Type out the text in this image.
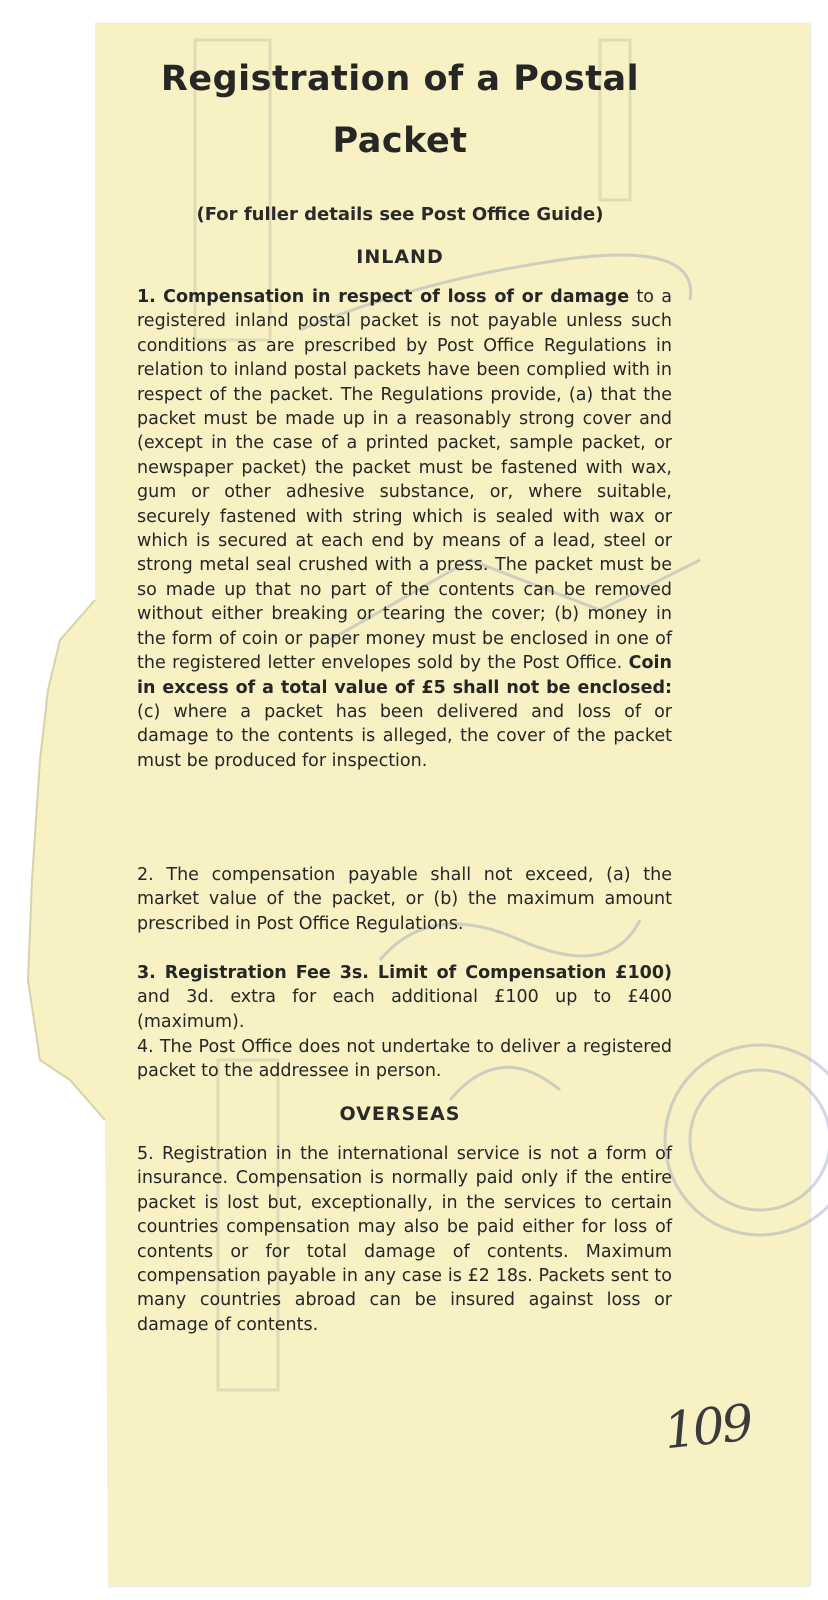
Registration of a Postal
Packet
(For fuller details see Post Office Guide)
INLAND

1. Compensation in respect of loss of or damage to a registered inland postal packet is not payable unless such conditions as are prescribed by Post Office Regulations in relation to inland postal packets have been complied with in respect of the packet. The Regulations provide, (a) that the packet must be made up in a reasonably strong cover and (except in the case of a printed packet, sample packet, or newspaper packet) the packet must be fastened with wax, gum or other adhesive substance, or, where suitable, securely fastened with string which is sealed with wax or which is secured at each end by means of a lead, steel or strong metal seal crushed with a press. The packet must be so made up that no part of the contents can be removed without either breaking or tearing the cover; (b) money in the form of coin or paper money must be enclosed in one of the registered letter envelopes sold by the Post Office. Coin in excess of a total value of £5 shall not be enclosed: (c) where a packet has been delivered and loss of or damage to the contents is alleged, the cover of the packet must be produced for inspection.

2. The compensation payable shall not exceed, (a) the market value of the packet, or (b) the maximum amount prescribed in Post Office Regulations.

3. Registration Fee 3s. Limit of Compensation £100) and 3d. extra for each additional £100 up to £400 (maximum).

4. The Post Office does not undertake to deliver a registered packet to the addressee in person.

OVERSEAS

5. Registration in the international service is not a form of insurance. Compensation is normally paid only if the entire packet is lost but, exceptionally, in the services to certain countries compensation may also be paid either for loss of contents or for total damage of contents. Maximum compensation payable in any case is £2 18s. Packets sent to many countries abroad can be insured against loss or damage of contents.

109
